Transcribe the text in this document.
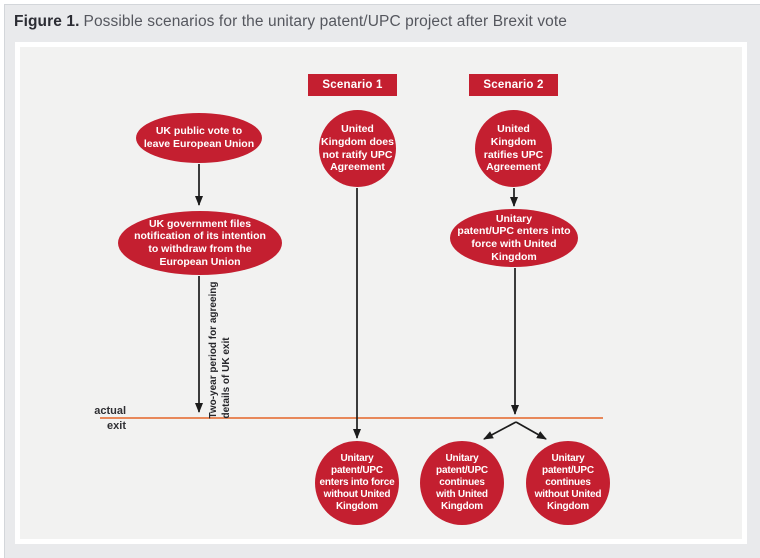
Figure 1. Possible scenarios for the unitary patent/UPC project after Brexit vote
Scenario 1	Scenario 2
UK public vote to
leave European Union
UK government files
notification of its intention
to withdraw from the
European Union
United
Kingdom does
not ratify UPC
Agreement
United
Kingdom
ratifies UPC
Agreement
Unitary
patent/UPC enters into
force with United
Kingdom
Unitary
patent/UPC
enters into force
without United
Kingdom
Unitary
patent/UPC
continues
with United
Kingdom
Unitary
patent/UPC
continues
without United
Kingdom
Two-year period for agreeing details of UK exit
actual
exit
